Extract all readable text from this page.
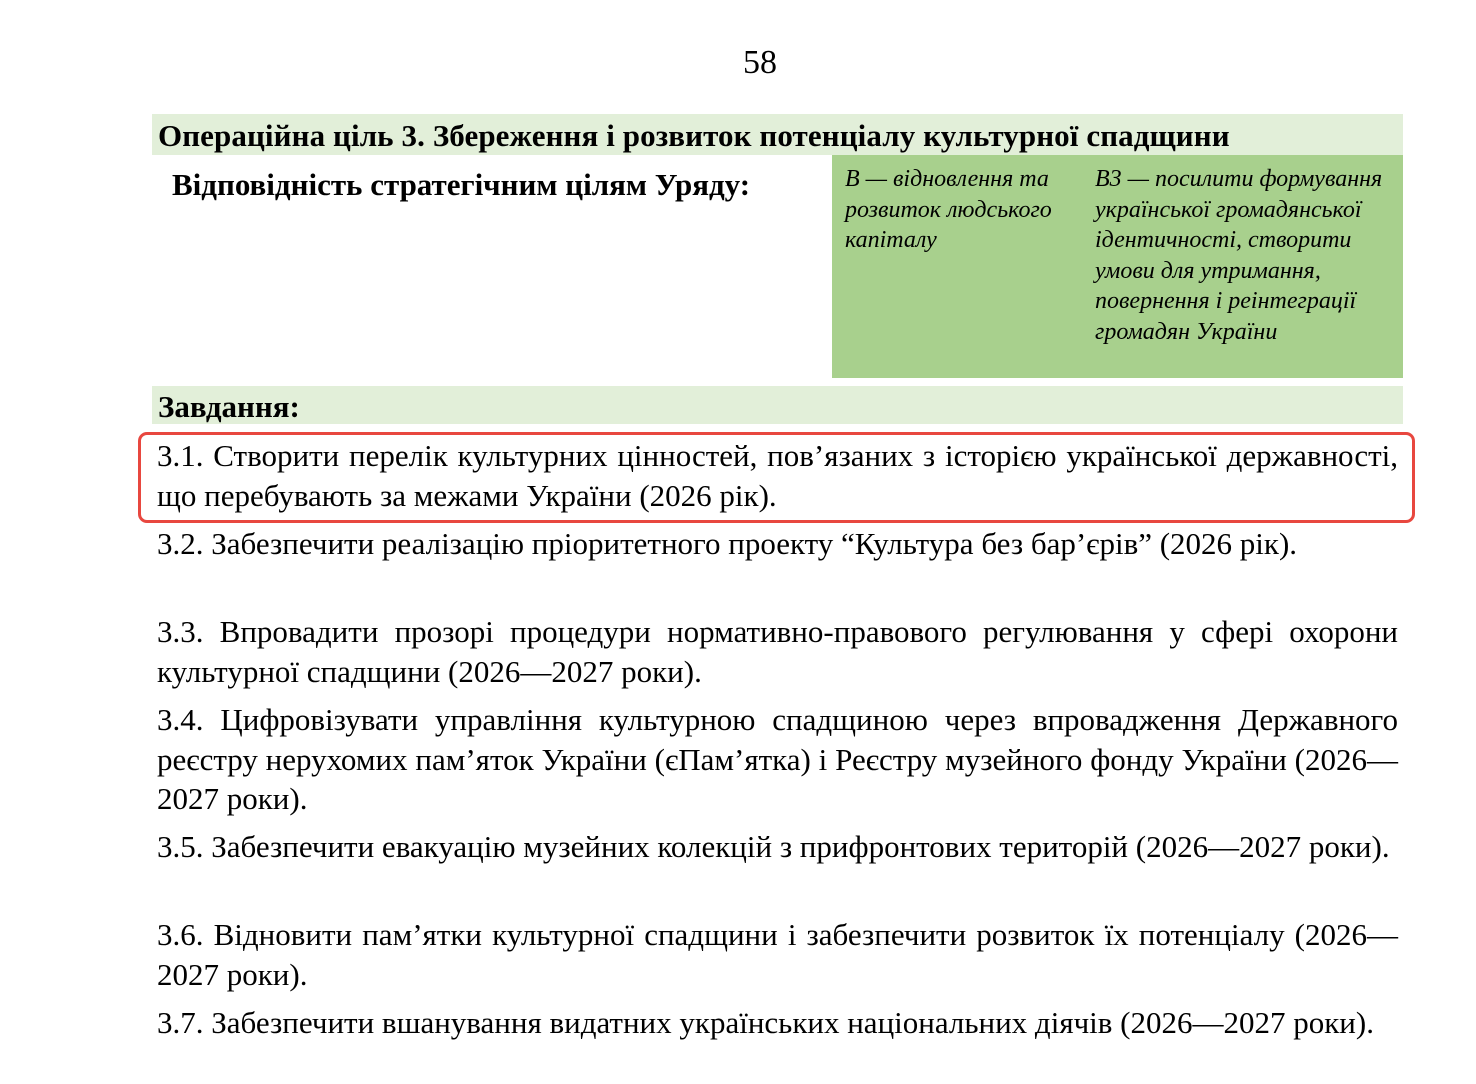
58
Операційна ціль 3. Збереження і розвиток потенціалу культурної спадщини
Відповідність стратегічним цілям Уряду:	В — відновлення та розвиток людського капіталу
В3 — посилити формування української громадянської ідентичності, створити умови для утримання, повернення і реінтеграції громадян України
Завдання:
3.1. Створити перелік культурних цінностей, пов’язаних з історією української державності, що перебувають за межами України (2026 рік).
3.2. Забезпечити реалізацію пріоритетного проекту “Культура без бар’єрів” (2026 рік).
3.3. Впровадити прозорі процедури нормативно-правового регулювання у сфері охорони культурної спадщини (2026—2027 роки).
3.4. Цифровізувати управління культурною спадщиною через впровадження Державного реєстру нерухомих пам’яток України (єПам’ятка) і Реєстру музейного фонду України (2026—2027 роки).
3.5. Забезпечити евакуацію музейних колекцій з прифронтових територій (2026—2027 роки).
3.6. Відновити пам’ятки культурної спадщини і забезпечити розвиток їх потенціалу (2026—2027 роки).
3.7. Забезпечити вшанування видатних українських національних діячів (2026—2027 роки).
